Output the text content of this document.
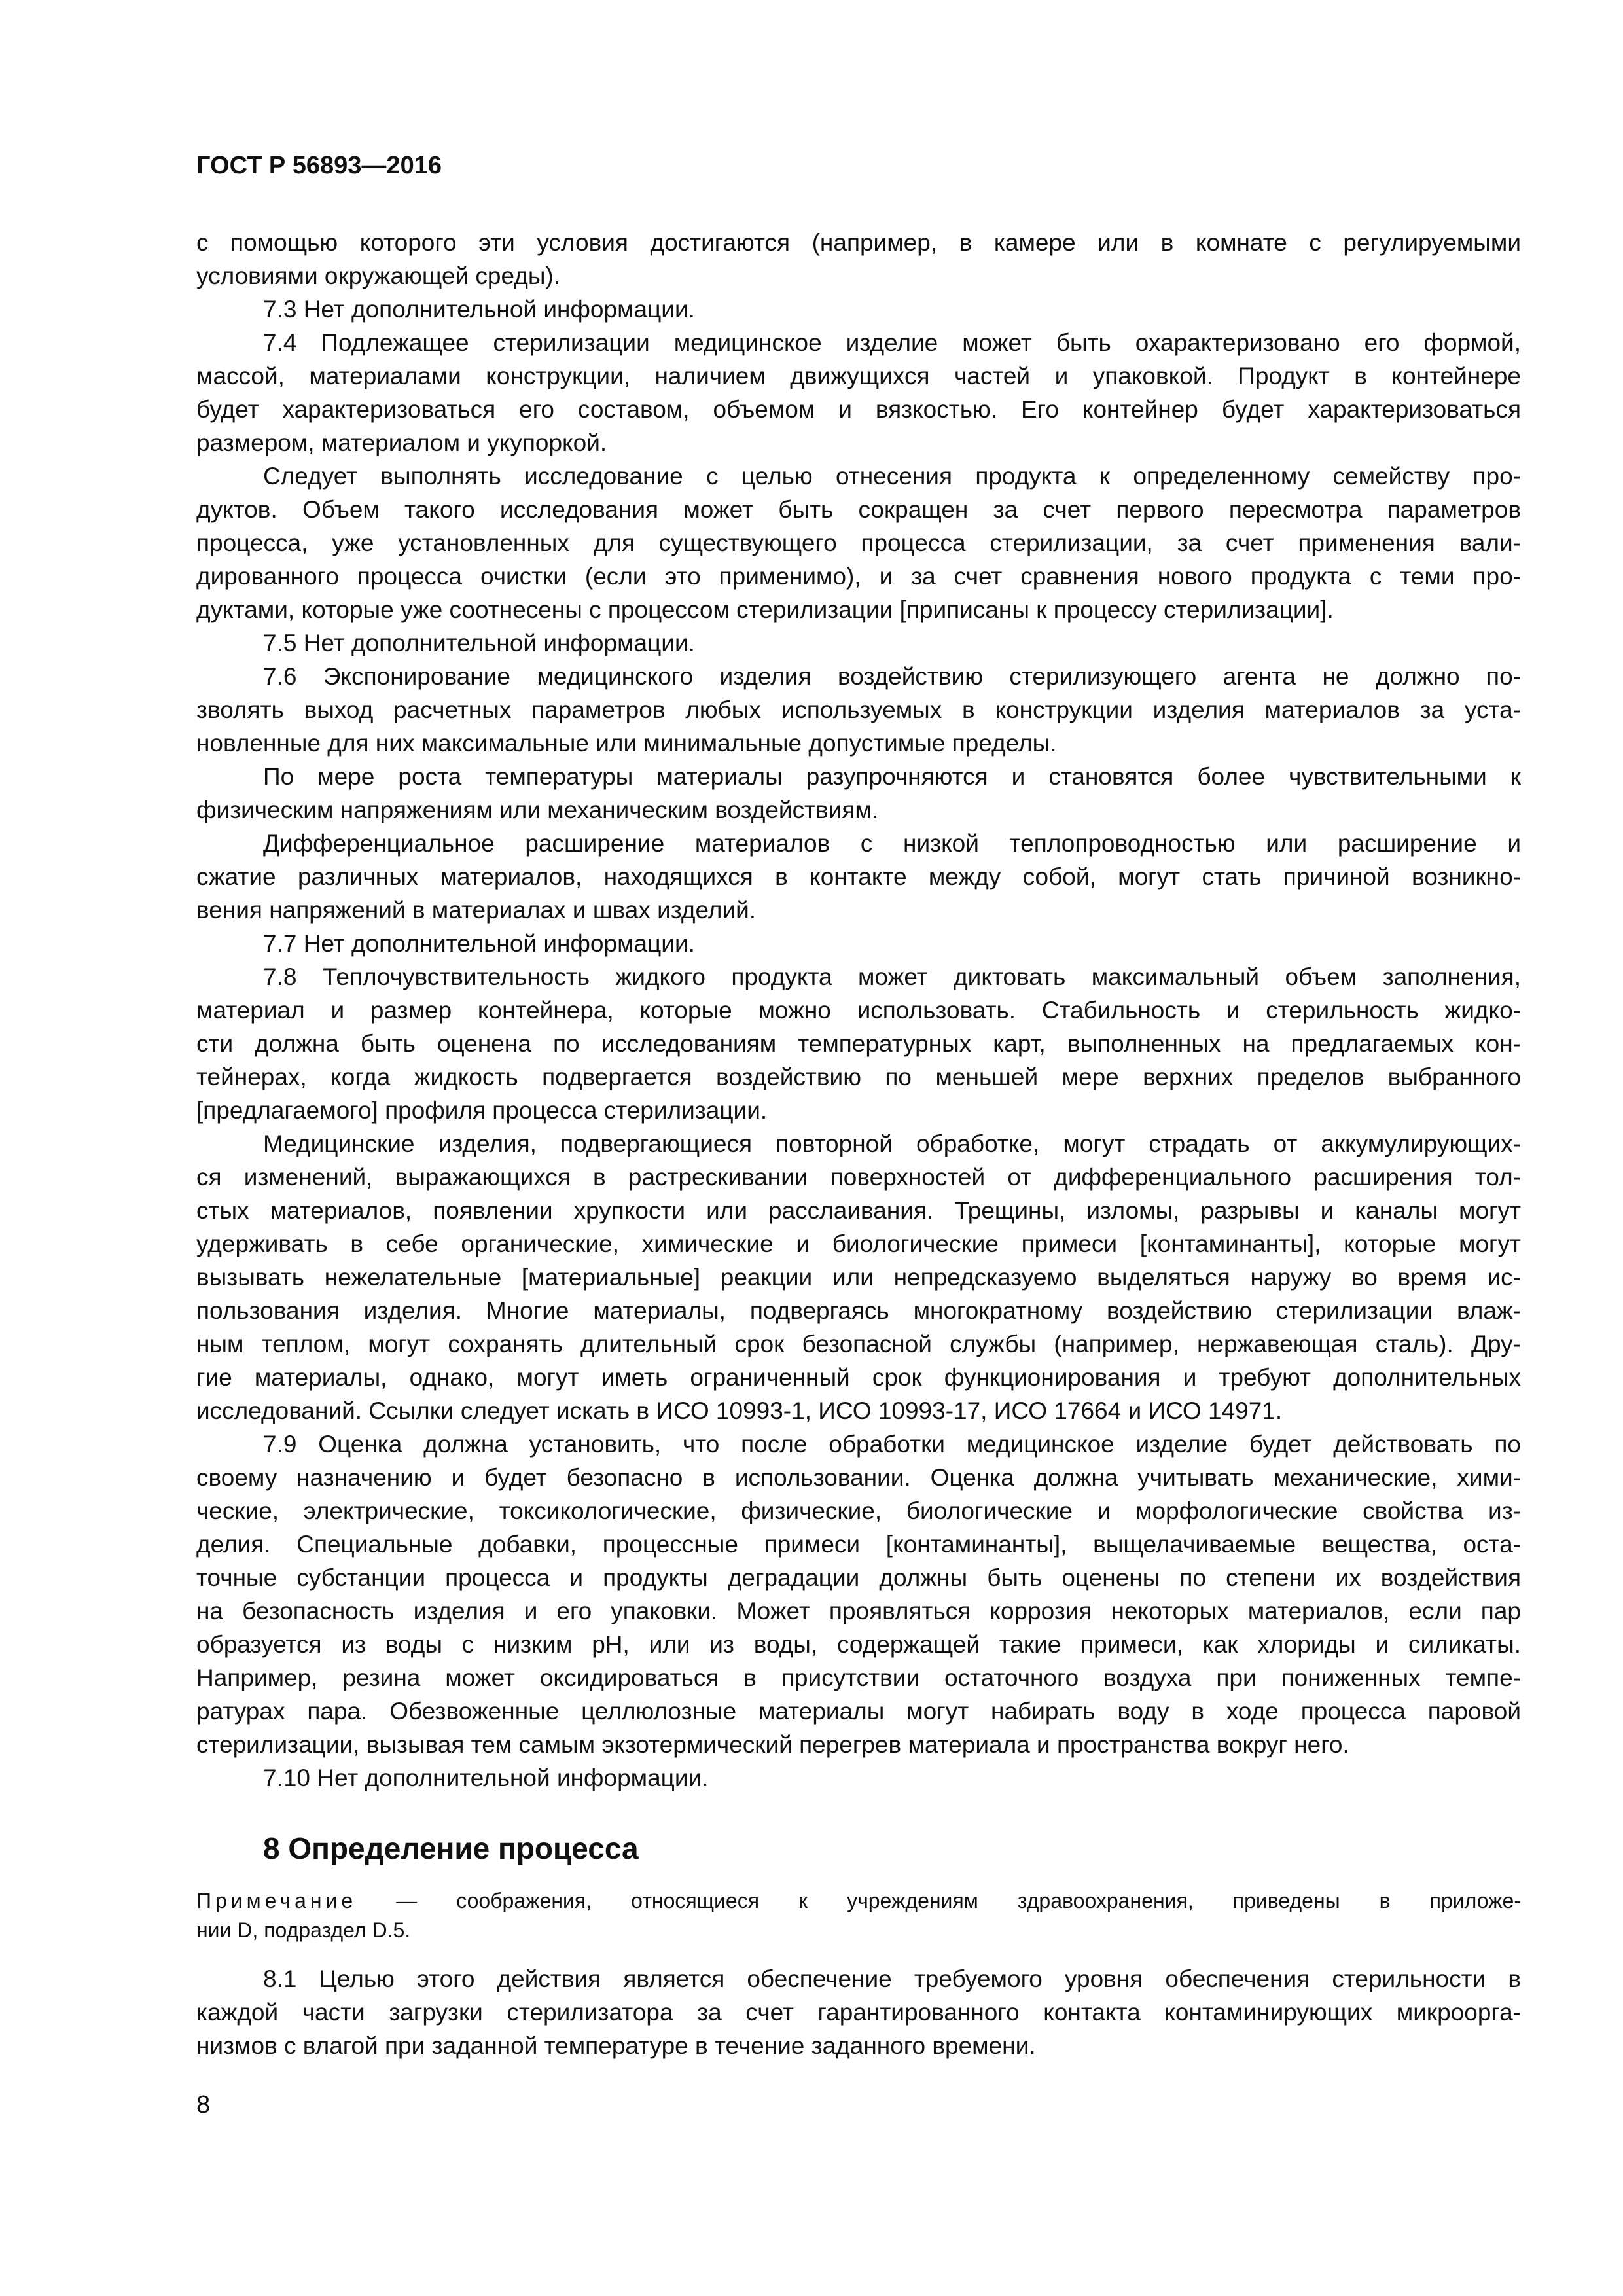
ГОСТ Р 56893—2016
с помощью которого эти условия достигаются (например, в камере или в комнате с регулируемыми
условиями окружающей среды).
7.3 Нет дополнительной информации.
7.4 Подлежащее стерилизации медицинское изделие может быть охарактеризовано его формой,
массой, материалами конструкции, наличием движущихся частей и упаковкой. Продукт в контейнере
будет характеризоваться его составом, объемом и вязкостью. Его контейнер будет характеризоваться
размером, материалом и укупоркой.
Следует выполнять исследование с целью отнесения продукта к определенному семейству про-
дуктов. Объем такого исследования может быть сокращен за счет первого пересмотра параметров
процесса, уже установленных для существующего процесса стерилизации, за счет применения вали-
дированного процесса очистки (если это применимо), и за счет сравнения нового продукта с теми про-
дуктами, которые уже соотнесены с процессом стерилизации [приписаны к процессу стерилизации].
7.5 Нет дополнительной информации.
7.6 Экспонирование медицинского изделия воздействию стерилизующего агента не должно по-
зволять выход расчетных параметров любых используемых в конструкции изделия материалов за уста-
новленные для них максимальные или минимальные допустимые пределы.
По мере роста температуры материалы разупрочняются и становятся более чувствительными к
физическим напряжениям или механическим воздействиям.
Дифференциальное расширение материалов с низкой теплопроводностью или расширение и
сжатие различных материалов, находящихся в контакте между собой, могут стать причиной возникно-
вения напряжений в материалах и швах изделий.
7.7 Нет дополнительной информации.
7.8 Теплочувствительность жидкого продукта может диктовать максимальный объем заполнения,
материал и размер контейнера, которые можно использовать. Стабильность и стерильность жидко-
сти должна быть оценена по исследованиям температурных карт, выполненных на предлагаемых кон-
тейнерах, когда жидкость подвергается воздействию по меньшей мере верхних пределов выбранного
[предлагаемого] профиля процесса стерилизации.
Медицинские изделия, подвергающиеся повторной обработке, могут страдать от аккумулирующих-
ся изменений, выражающихся в растрескивании поверхностей от дифференциального расширения тол-
стых материалов, появлении хрупкости или расслаивания. Трещины, изломы, разрывы и каналы могут
удерживать в себе органические, химические и биологические примеси [контаминанты], которые могут
вызывать нежелательные [материальные] реакции или непредсказуемо выделяться наружу во время ис-
пользования изделия. Многие материалы, подвергаясь многократному воздействию стерилизации влаж-
ным теплом, могут сохранять длительный срок безопасной службы (например, нержавеющая сталь). Дру-
гие материалы, однако, могут иметь ограниченный срок функционирования и требуют дополнительных
исследований. Ссылки следует искать в ИСО 10993-1, ИСО 10993-17, ИСО 17664 и ИСО 14971.
7.9 Оценка должна установить, что после обработки медицинское изделие будет действовать по
своему назначению и будет безопасно в использовании. Оценка должна учитывать механические, хими-
ческие, электрические, токсикологические, физические, биологические и морфологические свойства из-
делия. Специальные добавки, процессные примеси [контаминанты], выщелачиваемые вещества, оста-
точные субстанции процесса и продукты деградации должны быть оценены по степени их воздействия
на безопасность изделия и его упаковки. Может проявляться коррозия некоторых материалов, если пар
образуется из воды с низким pH, или из воды, содержащей такие примеси, как хлориды и силикаты.
Например, резина может оксидироваться в присутствии остаточного воздуха при пониженных темпе-
ратурах пара. Обезвоженные целлюлозные материалы могут набирать воду в ходе процесса паровой
стерилизации, вызывая тем самым экзотермический перегрев материала и пространства вокруг него.
7.10 Нет дополнительной информации.
8 Определение процесса
Примечание — соображения, относящиеся к учреждениям здравоохранения, приведены в приложе-
нии D, подраздел D.5.
8.1 Целью этого действия является обеспечение требуемого уровня обеспечения стерильности в
каждой части загрузки стерилизатора за счет гарантированного контакта контаминирующих микроорга-
низмов с влагой при заданной температуре в течение заданного времени.
8
